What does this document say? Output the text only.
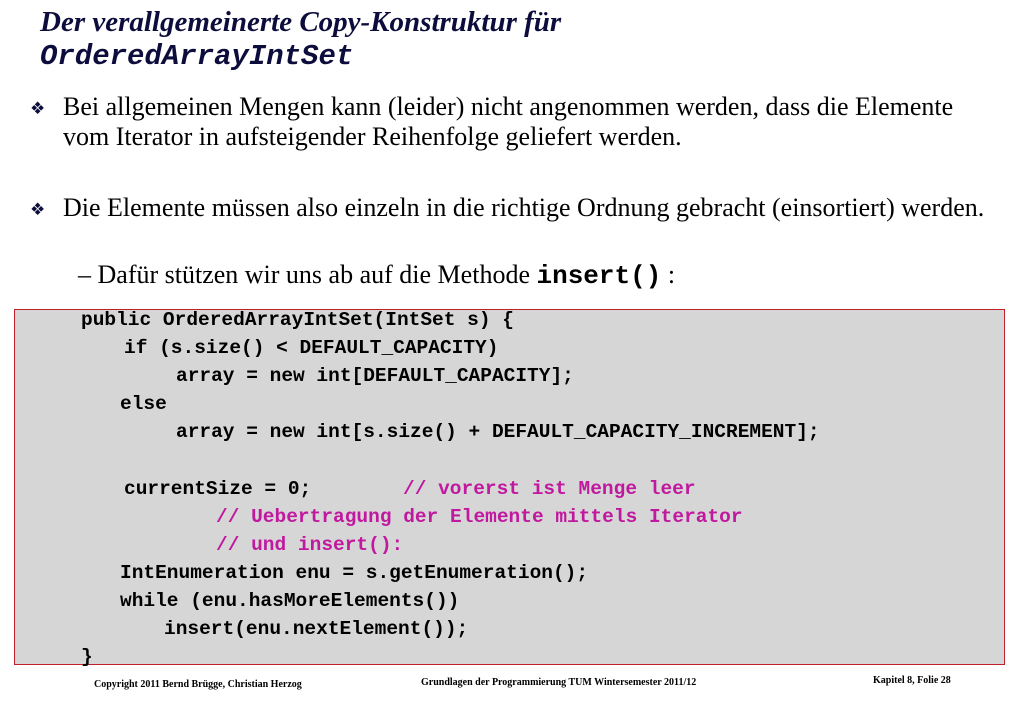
Der verallgemeinerte Copy-Konstruktur für
OrderedArrayIntSet
❖ Bei allgemeinen Mengen kann (leider) nicht angenommen werden, dass die Elemente vom Iterator in aufsteigender Reihenfolge geliefert werden.
❖ Die Elemente müssen also einzeln in die richtige Ordnung gebracht (einsortiert) werden.
– Dafür stützen wir uns ab auf die Methode insert() :
public OrderedArrayIntSet(IntSet s) {
if (s.size() < DEFAULT_CAPACITY)
array = new int[DEFAULT_CAPACITY];
else
array = new int[s.size() + DEFAULT_CAPACITY_INCREMENT];
currentSize = 0;	// vorerst ist Menge leer
// Uebertragung der Elemente mittels Iterator
// und insert():
IntEnumeration enu = s.getEnumeration();
while (enu.hasMoreElements())
insert(enu.nextElement());
}
Copyright 2011 Bernd Brügge, Christian Herzog	Grundlagen der Programmierung TUM Wintersemester 2011/12	Kapitel 8, Folie 28
